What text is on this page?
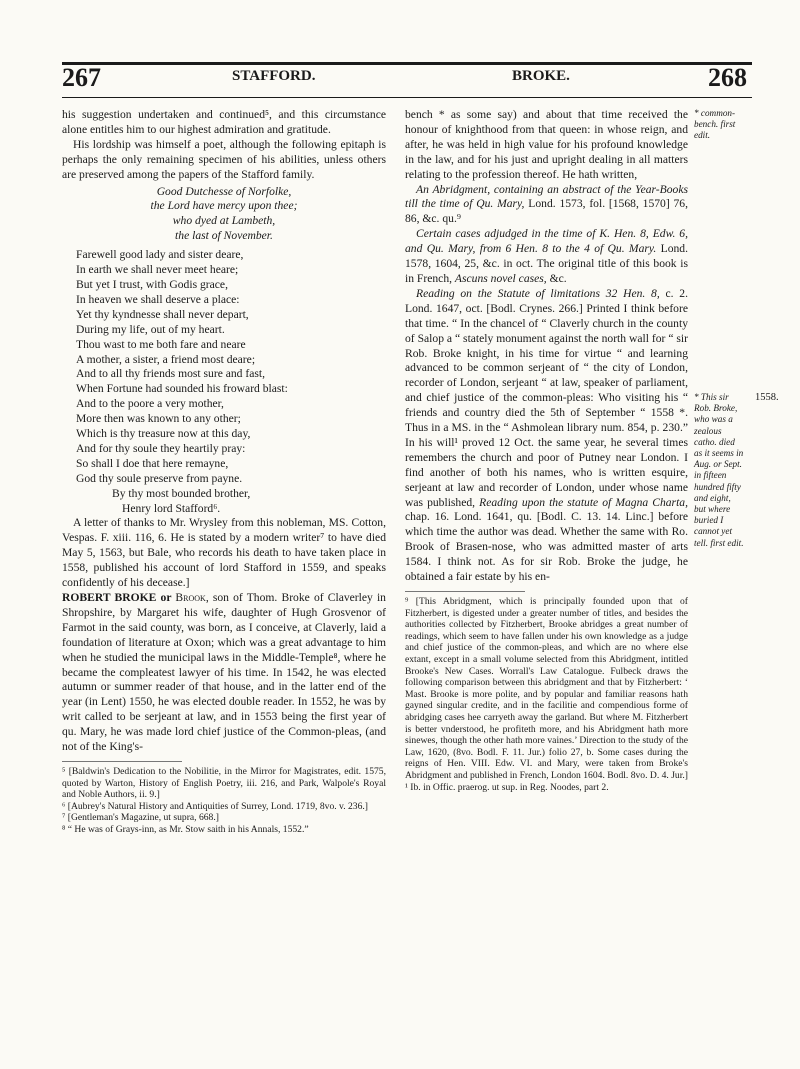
267	STAFFORD.	BROKE.	268

his suggestion undertaken and continued⁵, and this circumstance alone entitles him to our highest admiration and gratitude.

His lordship was himself a poet, although the following epitaph is perhaps the only remaining specimen of his abilities, unless others are preserved among the papers of the Stafford family.

Good Dutchesse of Norfolke,

the Lord have mercy upon thee;

who dyed at Lambeth,

the last of November.

Farewell good lady and sister deare,
In earth we shall never meet heare;
But yet I trust, with Godis grace,
In heaven we shall deserve a place:
Yet thy kyndnesse shall never depart,
During my life, out of my heart.
Thou wast to me both fare and neare
A mother, a sister, a friend most deare;
And to all thy friends most sure and fast,
When Fortune had sounded his froward blast:
And to the poore a very mother,
More then was known to any other;
Which is thy treasure now at this day,
And for thy soule they heartily pray:
So shall I doe that here remayne,
God thy soule preserve from payne.
By thy most bounded brother,
Henry lord Stafford⁶.

A letter of thanks to Mr. Wrysley from this nobleman, MS. Cotton, Vespas. F. xiii. 116, 6. He is stated by a modern writer⁷ to have died May 5, 1563, but Bale, who records his death to have taken place in 1558, published his account of lord Stafford in 1559, and speaks confidently of his decease.]

ROBERT BROKE or Brook, son of Thom. Broke of Claverley in Shropshire, by Margaret his wife, daughter of Hugh Grosvenor of Farmot in the said county, was born, as I conceive, at Claverly, laid a foundation of literature at Oxon; which was a great advantage to him when he studied the municipal laws in the Middle-Temple⁸, where he became the compleatest lawyer of his time. In 1542, he was elected autumn or summer reader of that house, and in the latter end of the year (in Lent) 1550, he was elected double reader. In 1552, he was by writ called to be serjeant at law, and in 1553 being the first year of qu. Mary, he was made lord chief justice of the Common-pleas, (and not of the King's-

⁵ [Baldwin's Dedication to the Nobilitie, in the Mirror for Magistrates, edit. 1575, quoted by Warton, History of English Poetry, iii. 216, and Park, Walpole's Royal and Noble Authors, ii. 9.]

⁶ [Aubrey's Natural History and Antiquities of Surrey, Lond. 1719, 8vo. v. 236.]

⁷ [Gentleman's Magazine, ut supra, 668.]

⁸ “ He was of Grays-inn, as Mr. Stow saith in his Annals, 1552.”

bench * as some say) and about that time received the honour of knighthood from that queen: in whose reign, and after, he was held in high value for his profound knowledge in the law, and for his just and upright dealing in all matters relating to the profession thereof. He hath written,

An Abridgment, containing an abstract of the Year-Books till the time of Qu. Mary, Lond. 1573, fol. [1568, 1570] 76, 86, &c. qu.⁹

Certain cases adjudged in the time of K. Hen. 8, Edw. 6, and Qu. Mary, from 6 Hen. 8 to the 4 of Qu. Mary. Lond. 1578, 1604, 25, &c. in oct. The original title of this book is in French, Ascuns novel cases, &c.

Reading on the Statute of limitations 32 Hen. 8, c. 2. Lond. 1647, oct. [Bodl. Crynes. 266.] Printed I think before that time. “ In the chancel of “ Claverly church in the county of Salop a “ stately monument against the north wall for “ sir Rob. Broke knight, in his time for virtue “ and learning advanced to be common serjeant of “ the city of London, recorder of London, serjeant “ at law, speaker of parliament, and chief justice of the common-pleas: Who visiting his “ friends and country died the 5th of September “ 1558 *. Thus in a MS. in the “ Ashmolean library num. 854, p. 230.” In his will¹ proved 12 Oct. the same year, he several times remembers the church and poor of Putney near London. I find another of both his names, who is written esquire, serjeant at law and recorder of London, under whose name was published, Reading upon the statute of Magna Charta, chap. 16. Lond. 1641, qu. [Bodl. C. 13. 14. Linc.] before which time the author was dead. Whether the same with Ro. Brook of Brasen-nose, who was admitted master of arts 1584. I think not. As for sir Rob. Broke the judge, he obtained a fair estate by his en-

⁹ [This Abridgment, which is principally founded upon that of Fitzherbert, is digested under a greater number of titles, and besides the authorities collected by Fitzherbert, Brooke abridges a great number of readings, which seem to have fallen under his own knowledge as a judge and chief justice of the common-pleas, and which are no where else extant, except in a small volume selected from this Abridgment, intitled Brooke's New Cases. Worrall's Law Catalogue. Fulbeck draws the following comparison between this abridgment and that by Fitzherbert: ‘ Mast. Brooke is more polite, and by popular and familiar reasons hath gayned singular credite, and in the facilitie and compendious forme of abridging cases hee carryeth away the garland. But where M. Fitzherbert is better vnderstood, he profiteth more, and his Abridgment hath more sinewes, though the other hath more vaines.’ Direction to the study of the Law, 1620, (8vo. Bodl. F. 11. Jur.) folio 27, b. Some cases during the reigns of Hen. VIII. Edw. VI. and Mary, were taken from Broke's Abridgment and published in French, London 1604. Bodl. 8vo. D. 4. Jur.]

¹ Ib. in Offic. praerog. ut sup. in Reg. Noodes, part 2.

* common-bench. first edit.
* This sir Rob. Broke, who was a zealous catho. died as it seems in Aug. or Sept. in fifteen hundred fifty and eight, but where buried I cannot yet tell. first edit.
1558.
